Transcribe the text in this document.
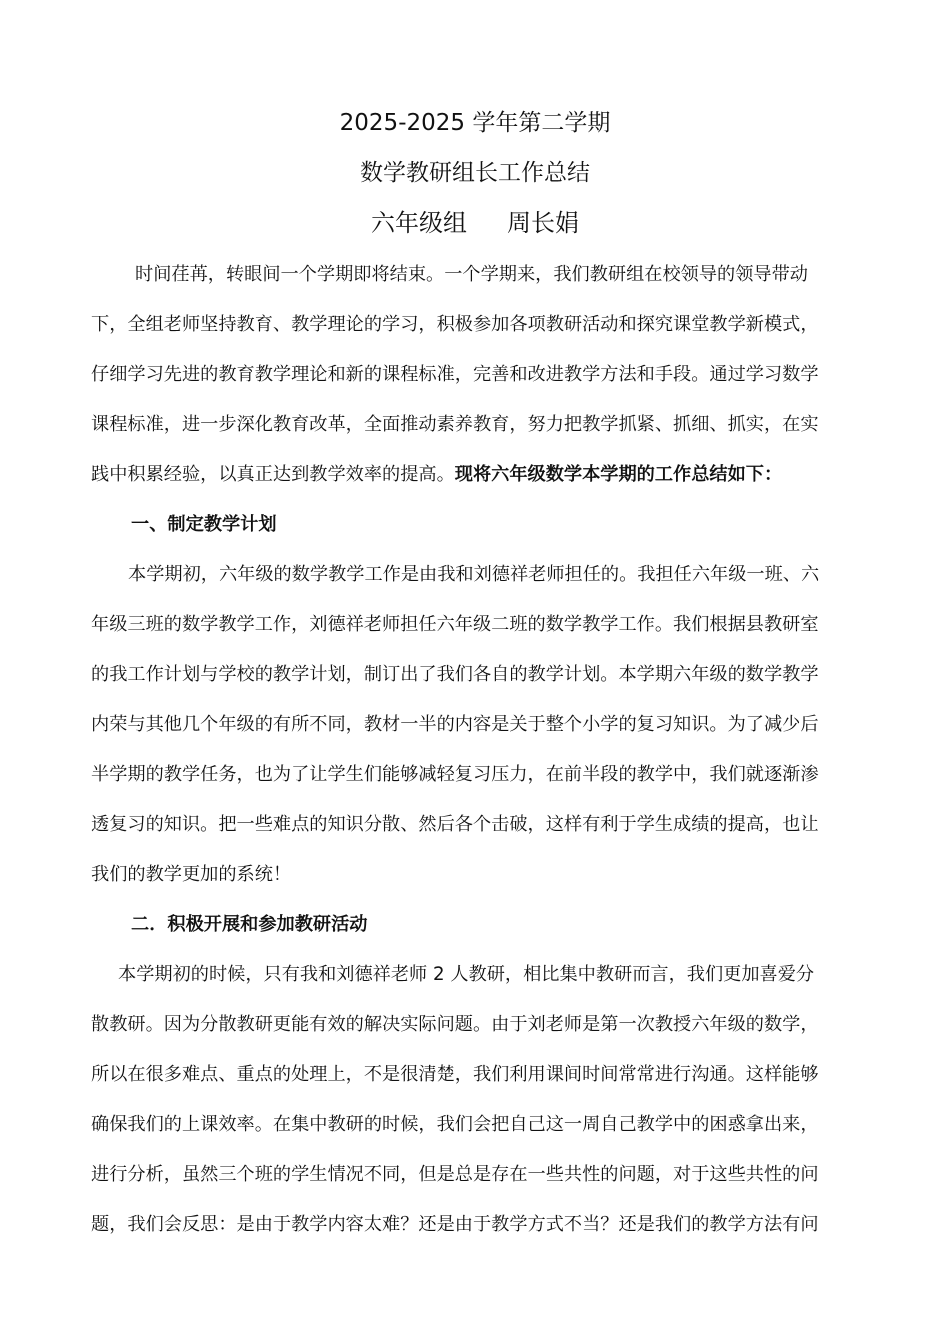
2025-2025 学年第二学期
数学教研组长工作总结
六年级组 周长娟
时间荏苒，转眼间一个学期即将结束。一个学期来，我们教研组在校领导的领导带动
下，全组老师坚持教育、教学理论的学习，积极参加各项教研活动和探究课堂教学新模式，
仔细学习先进的教育教学理论和新的课程标准，完善和改进教学方法和手段。通过学习数学
课程标准，进一步深化教育改革，全面推动素养教育，努力把教学抓紧、抓细、抓实，在实
践中积累经验，以真正达到教学效率的提高。现将六年级数学本学期的工作总结如下：
一、制定教学计划
本学期初，六年级的数学教学工作是由我和刘德祥老师担任的。我担任六年级一班、六
年级三班的数学教学工作，刘德祥老师担任六年级二班的数学教学工作。我们根据县教研室
的我工作计划与学校的教学计划，制订出了我们各自的教学计划。本学期六年级的数学教学
内荣与其他几个年级的有所不同，教材一半的内容是关于整个小学的复习知识。为了减少后
半学期的教学任务，也为了让学生们能够减轻复习压力，在前半段的教学中，我们就逐渐渗
透复习的知识。把一些难点的知识分散、然后各个击破，这样有利于学生成绩的提高，也让
我们的教学更加的系统！
二．积极开展和参加教研活动
本学期初的时候，只有我和刘德祥老师 2 人教研，相比集中教研而言，我们更加喜爱分
散教研。因为分散教研更能有效的解决实际问题。由于刘老师是第一次教授六年级的数学，
所以在很多难点、重点的处理上，不是很清楚，我们利用课间时间常常进行沟通。这样能够
确保我们的上课效率。在集中教研的时候，我们会把自己这一周自己教学中的困惑拿出来，
进行分析，虽然三个班的学生情况不同，但是总是存在一些共性的问题，对于这些共性的问
题，我们会反思：是由于教学内容太难？还是由于教学方式不当？还是我们的教学方法有问
